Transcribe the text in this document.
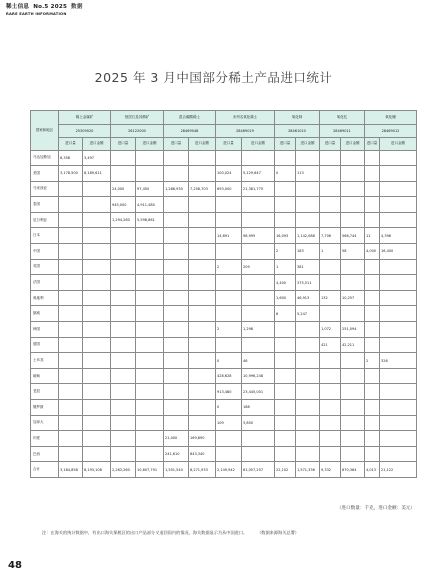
稀土信息 No.5 2025 数据
RARE EARTH INFORMATION
2025 年 3 月中国部分稀土产品进口统计
国家和地区	稀土金属矿		独居石及其精矿		混合碳酸稀土		未列名氧化稀土		氧化铈		氧化钇		氧化镧	
	25309020		26122000		28469048		28469019		28461010		28469011		28469012	
	进口量	进口金额	进口量	进口金额	进口量	进口金额	进口量	进口金额	进口量	进口金额	进口量	进口金额	进口量	进口金额
马达加斯加	6,358	3,497												
美国	3,178,500	8,189,611					100,024	5,129,647	0	113				
马来西亚			24,000	97,450	1,288,930	7,258,703	693,000	21,381,775						
泰国			945,000	4,911,480										
尼日利亚			1,294,260	5,598,861										
日本							14,691	98,995	16,093	1,142,088	7,706	566,744	11	4,396
中国									2	183	1	58	4,000	16,400
英国							2	209	1	381				
法国									4,400	375,511				
奥地利									1,600	46,913	132	10,257		
挪威									6	5,247				
韩国							2	1,298			1,072	251,094		
德国											421	42,211		
土耳其							0	46					2	326
缅甸							428,628	10,996,248						
老挝							913,480	23,445,001						
俄罗斯							0	188						
加拿大							109	3,850						
印度					21,000	169,890								
巴西					241,610	843,340								
合计	3,184,858	8,193,108	2,263,260	10,607,791	1,551,540	8,271,933	2,149,942	61,057,257	22,102	1,571,336	9,332	870,364	4,013	21,122
（进口数量：千克，进口金额：美元）
注：在海关的统计数据中，有出口海关保税区的出口产品部分又退回国内的情况，海关数据显示为从中国进口。	（数据来源海关总署）
48
